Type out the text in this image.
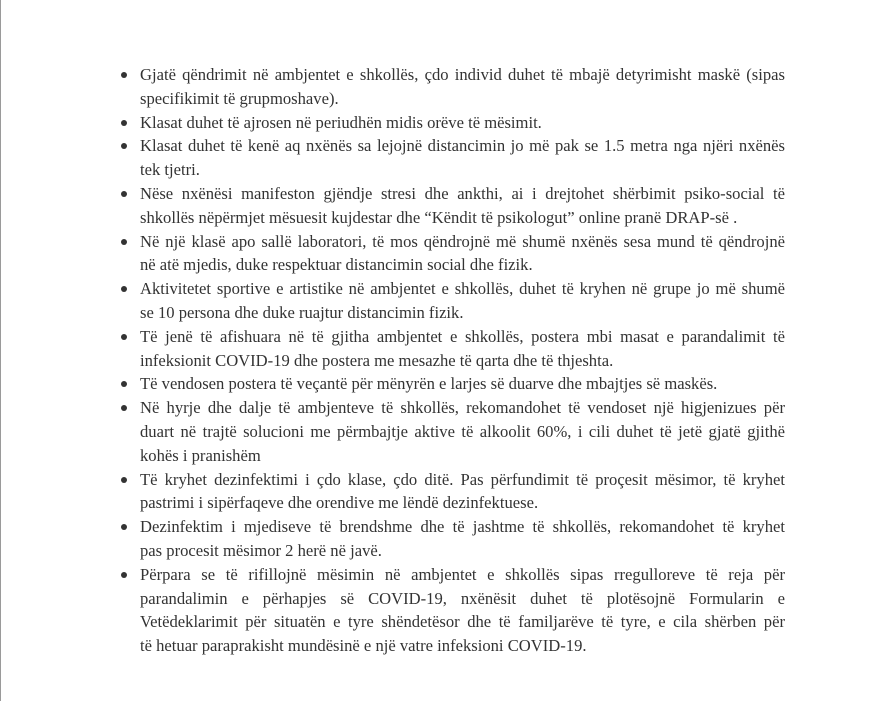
Gjatë qëndrimit në ambjentet e shkollës, çdo individ duhet të mbajë detyrimisht maskë (sipas
specifikimit të grupmoshave).
Klasat duhet të ajrosen në periudhën midis orëve të mësimit.
Klasat duhet të kenë aq nxënës sa lejojnë distancimin jo më pak se 1.5 metra nga njëri nxënës
tek tjetri.
Nëse nxënësi manifeston gjëndje stresi dhe ankthi, ai i drejtohet shërbimit psiko-social të
shkollës nëpërmjet mësuesit kujdestar dhe “Këndit të psikologut” online pranë DRAP-së .
Në një klasë apo sallë laboratori, të mos qëndrojnë më shumë nxënës sesa mund të qëndrojnë
në atë mjedis, duke respektuar distancimin social dhe fizik.
Aktivitetet sportive e artistike në ambjentet e shkollës, duhet të kryhen në grupe jo më shumë
se 10 persona dhe duke ruajtur distancimin fizik.
Të jenë të afishuara në të gjitha ambjentet e shkollës, postera mbi masat e parandalimit të
infeksionit COVID-19 dhe postera me mesazhe të qarta dhe të thjeshta.
Të vendosen postera të veçantë për mënyrën e larjes së duarve dhe mbajtjes së maskës.
Në hyrje dhe dalje të ambjenteve të shkollës, rekomandohet të vendoset një higjenizues për
duart në trajtë solucioni me përmbajtje aktive të alkoolit 60%, i cili duhet të jetë gjatë gjithë
kohës i pranishëm
Të kryhet dezinfektimi i çdo klase, çdo ditë. Pas përfundimit të proçesit mësimor, të kryhet
pastrimi i sipërfaqeve dhe orendive me lëndë dezinfektuese.
Dezinfektim i mjediseve të brendshme dhe të jashtme të shkollës, rekomandohet të kryhet
pas procesit mësimor 2 herë në javë.
Përpara se të rifillojnë mësimin në ambjentet e shkollës sipas rregulloreve të reja për
parandalimin e përhapjes së COVID-19, nxënësit duhet të plotësojnë Formularin e
Vetëdeklarimit për situatën e tyre shëndetësor dhe të familjarëve të tyre, e cila shërben për
të hetuar paraprakisht mundësinë e një vatre infeksioni COVID-19.
